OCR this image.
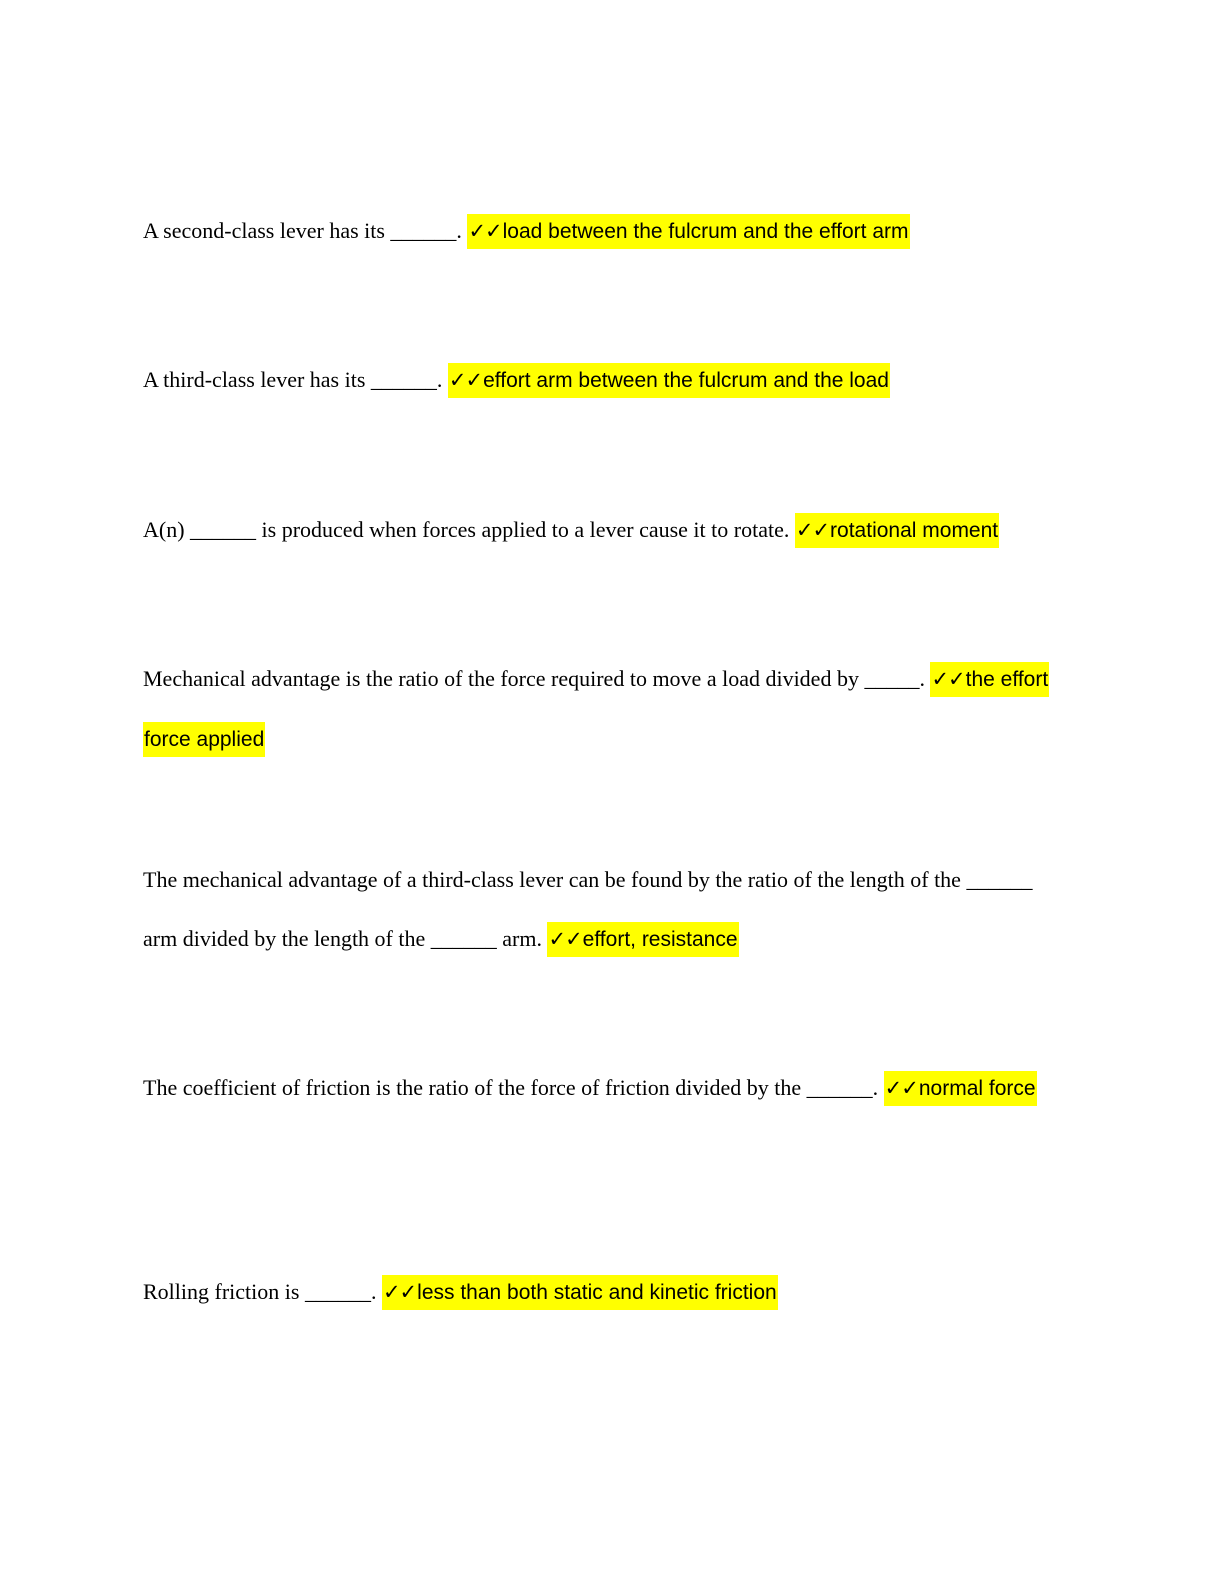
A second-class lever has its ______. ✓✓load between the fulcrum and the effort arm

A third-class lever has its ______. ✓✓effort arm between the fulcrum and the load

A(n) ______ is produced when forces applied to a lever cause it to rotate. ✓✓rotational moment

Mechanical advantage is the ratio of the force required to move a load divided by _____. ✓✓the effort force applied

The mechanical advantage of a third-class lever can be found by the ratio of the length of the ______ arm divided by the length of the ______ arm. ✓✓effort, resistance

The coefficient of friction is the ratio of the force of friction divided by the ______. ✓✓normal force

Rolling friction is ______. ✓✓less than both static and kinetic friction
